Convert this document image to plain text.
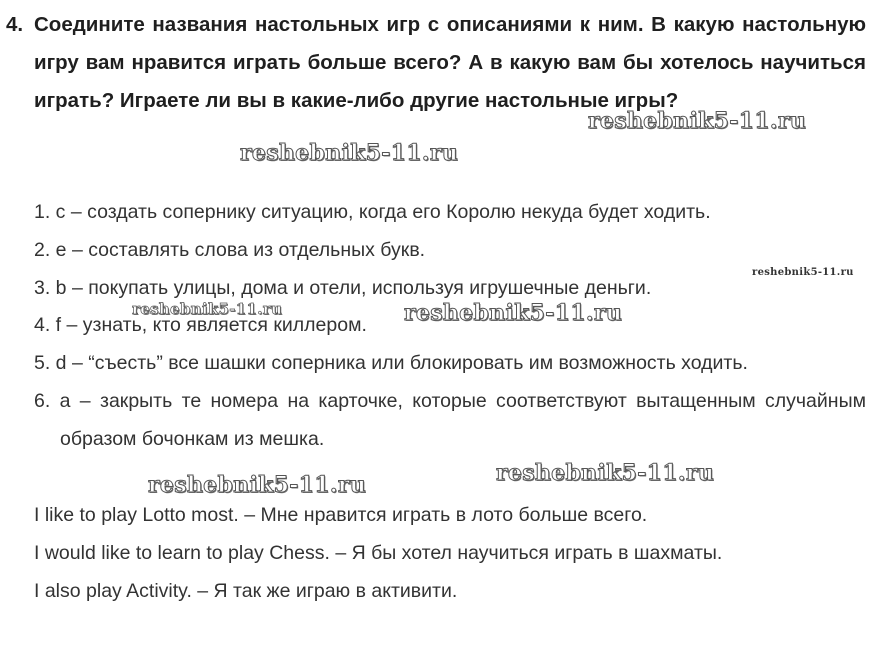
4. Соедините названия настольных игр с описаниями к ним. В какую настольную игру вам нравится играть больше всего? А в какую вам бы хотелось научиться играть? Играете ли вы в какие-либо другие настольные игры?

1. c – создать сопернику ситуацию, когда его Королю некуда будет ходить.

2. e – составлять слова из отдельных букв.

3. b – покупать улицы, дома и отели, используя игрушечные деньги.

4. f – узнать, кто является киллером.

5. d – “съесть” все шашки соперника или блокировать им возможность ходить.

6. a – закрыть те номера на карточке, которые соответствуют вытащенным случайным образом бочонкам из мешка.

I like to play Lotto most. – Мне нравится играть в лото больше всего.

I would like to learn to play Chess. – Я бы хотел научиться играть в шахматы.

I also play Activity. – Я так же играю в активити.

reshebnik5-11.ru
reshebnik5-11.ru
reshebnik5-11.ru
reshebnik5-11.ru	reshebnik5-11.ru
reshebnik5-11.ru
reshebnik5-11.ru
